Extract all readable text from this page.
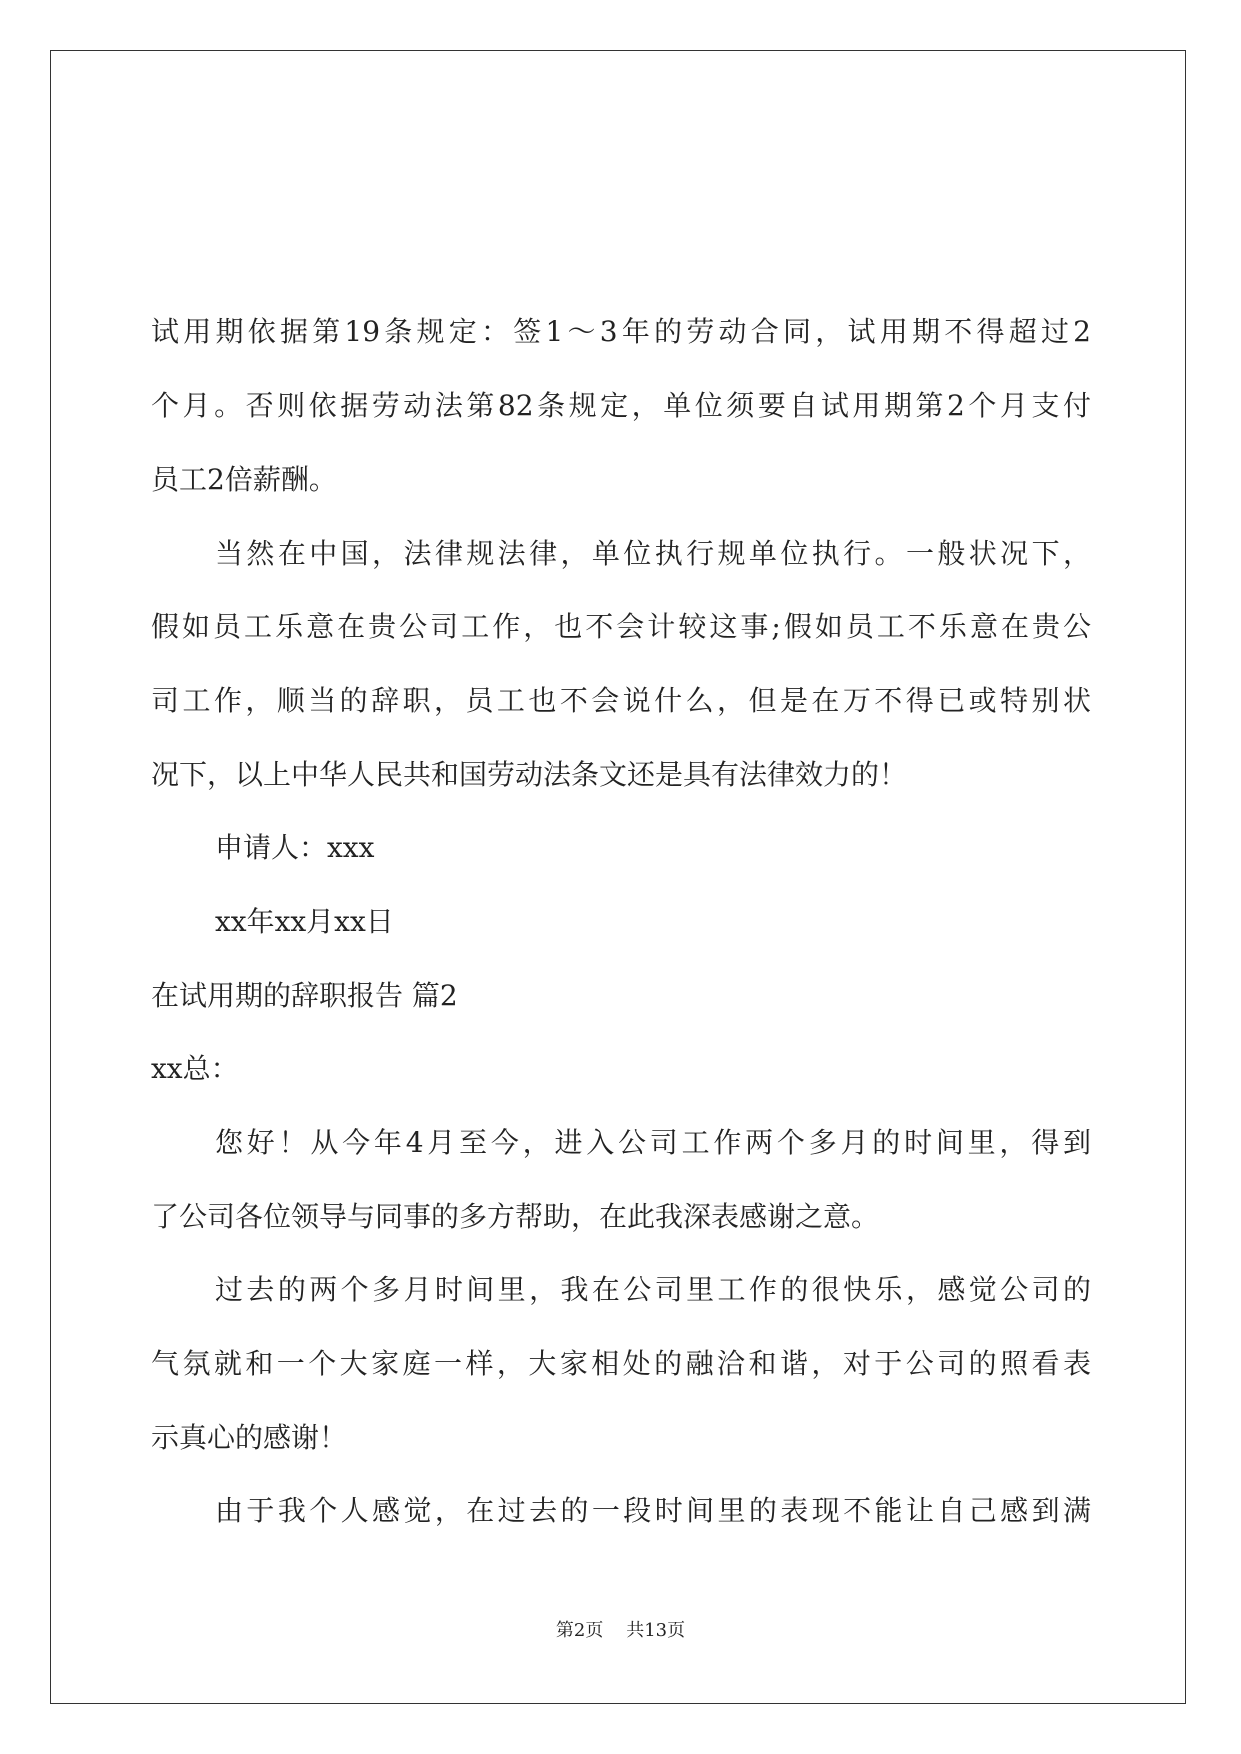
试用期依据第19条规定：签1～3年的劳动合同，试用期不得超过2
个月。否则依据劳动法第82条规定，单位须要自试用期第2个月支付
员工2倍薪酬。
当然在中国，法律规法律，单位执行规单位执行。一般状况下，
假如员工乐意在贵公司工作，也不会计较这事;假如员工不乐意在贵公
司工作，顺当的辞职，员工也不会说什么，但是在万不得已或特别状
况下，以上中华人民共和国劳动法条文还是具有法律效力的！
申请人：xxx
xx年xx月xx日
在试用期的辞职报告 篇2
xx总：
您好！从今年4月至今，进入公司工作两个多月的时间里，得到
了公司各位领导与同事的多方帮助，在此我深表感谢之意。
过去的两个多月时间里，我在公司里工作的很快乐，感觉公司的
气氛就和一个大家庭一样，大家相处的融洽和谐，对于公司的照看表
示真心的感谢！
由于我个人感觉，在过去的一段时间里的表现不能让自己感到满
第2页    共13页
